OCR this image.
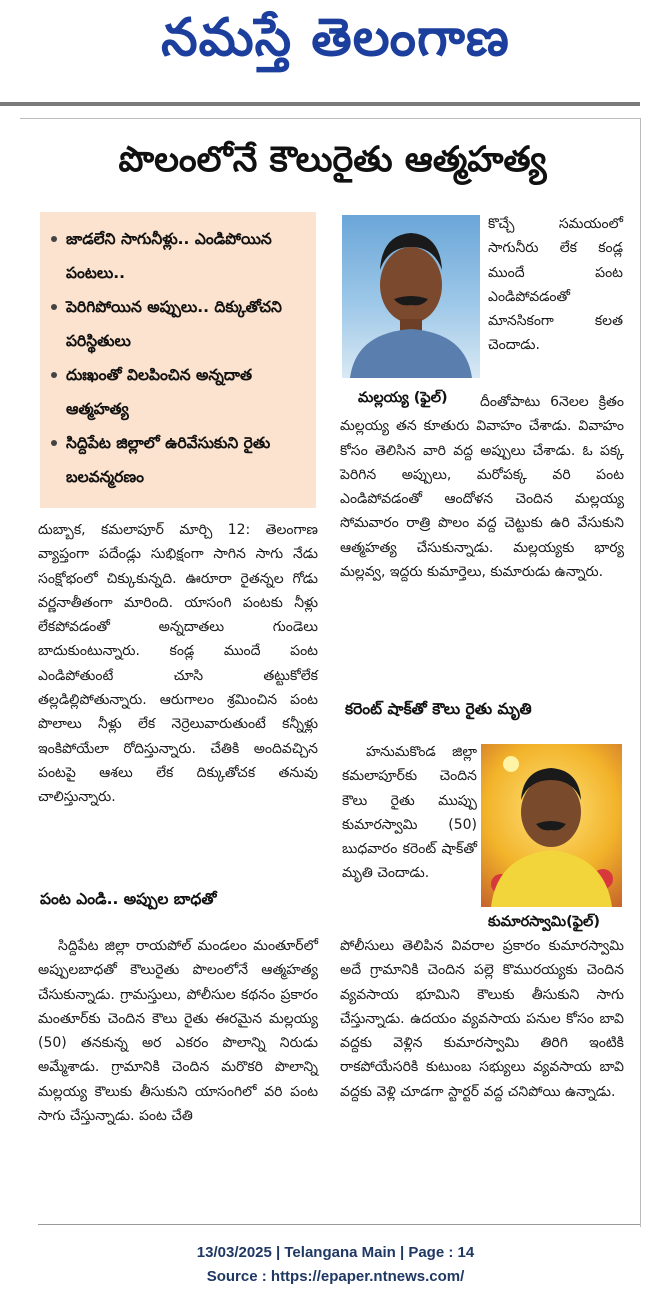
నమస్తే తెలంగాణ
పొలంలోనే కౌలురైతు ఆత్మహత్య
జాడలేని సాగునీళ్లు.. ఎండిపోయిన పంటలు..
పెరిగిపోయిన అప్పులు.. దిక్కుతోచని పరిస్థితులు
దుఃఖంతో విలపించిన అన్నదాత ఆత్మహత్య
సిద్దిపేట జిల్లాలో ఉరివేసుకుని రైతు బలవన్మరణం
మల్లయ్య (ఫైల్)
కొచ్చే సమయంలో సాగునీరు లేక కండ్ల ముందే పంట ఎండిపోవడంతో మానసికంగా కలత చెందాడు.
దీంతోపాటు 6నెలల క్రితం మల్లయ్య తన కూతురు వివాహం చేశాడు. వివాహం కోసం తెలిసిన వారి వద్ద అప్పులు చేశాడు. ఓ పక్క పెరిగిన అప్పులు, మరోపక్క వరి పంట ఎండిపోవడంతో ఆందోళన చెందిన మల్లయ్య సోమవారం రాత్రి పొలం వద్ద చెట్టుకు ఉరి వేసుకుని ఆత్మహత్య చేసుకున్నాడు. మల్లయ్యకు భార్య మల్లవ్వ, ఇద్దరు కుమార్తెలు, కుమారుడు ఉన్నారు.
దుబ్బాక, కమలాపూర్‌ మార్చి 12: తెలంగాణ వ్యాప్తంగా పదేండ్లు సుభిక్షంగా సాగిన సాగు నేడు సంక్షోభంలో చిక్కుకున్నది. ఊరూరా రైతన్నల గోడు వర్ణనాతీతంగా మారింది. యాసంగి పంటకు నీళ్లు లేకపోవడంతో అన్నదాతలు గుండెలు బాదుకుంటున్నారు. కండ్ల ముందే పంట ఎండిపోతుంటే చూసి తట్టుకోలేక తల్లడిల్లిపోతున్నారు. ఆరుగాలం శ్రమించిన పంట పొలాలు నీళ్లు లేక నెర్రెలువారుతుంటే కన్నీళ్లు ఇంకిపోయేలా రోదిస్తున్నారు. చేతికి అందివచ్చిన పంటపై ఆశలు లేక దిక్కుతోచక తనువు చాలిస్తున్నారు.
పంట ఎండి.. అప్పుల బాధతో
సిద్దిపేట జిల్లా రాయపోల్‌ మండలం మంతూర్‌లో అప్పులబాధతో కౌలురైతు పొలంలోనే ఆత్మహత్య చేసుకున్నాడు. గ్రామస్తులు, పోలీసుల కథనం ప్రకారం మంతూర్‌కు చెందిన కౌలు రైతు ఈరమైన మల్లయ్య (50) తనకున్న అర ఎకరం పొలాన్ని నిరుడు అమ్మేశాడు. గ్రామానికి చెందిన మరొకరి పొలాన్ని మల్లయ్య కౌలుకు తీసుకుని యాసంగిలో వరి పంట సాగు చేస్తున్నాడు. పంట చేతి
కరెంట్‌ షాక్‌తో కౌలు రైతు మృతి
హనుమకొండ జిల్లా కమలాపూర్‌కు చెందిన కౌలు రైతు ముప్పు కుమారస్వామి (50) బుధవారం కరెంట్‌ షాక్‌తో మృతి చెందాడు.
కుమారస్వామి(ఫైల్)
పోలీసులు తెలిపిన వివరాల ప్రకారం కుమారస్వామి అదే గ్రామానికి చెందిన పల్లె కొమురయ్యకు చెందిన వ్యవసాయ భూమిని కౌలుకు తీసుకుని సాగు చేస్తున్నాడు. ఉదయం వ్యవసాయ పనుల కోసం బావి వద్దకు వెళ్లిన కుమారస్వామి తిరిగి ఇంటికి రాకపోయేసరికి కుటుంబ సభ్యులు వ్యవసాయ బావి వద్దకు వెళ్లి చూడగా స్టార్టర్‌ వద్ద చనిపోయి ఉన్నాడు.
13/03/2025 | Telangana Main | Page : 14
Source : https://epaper.ntnews.com/
